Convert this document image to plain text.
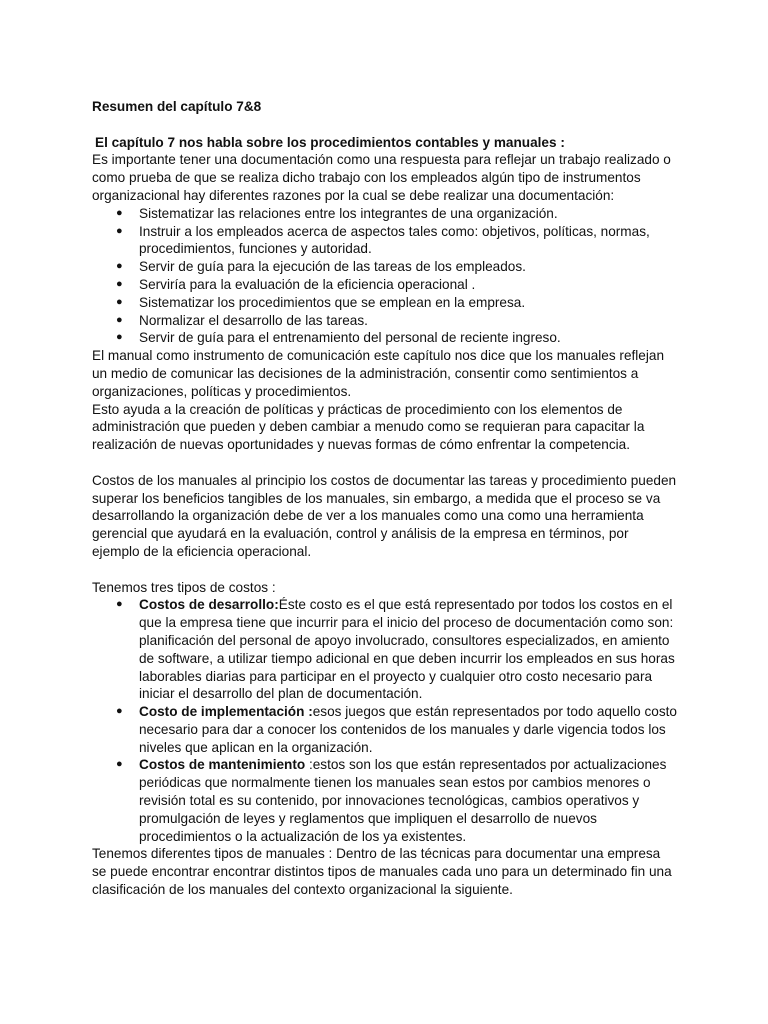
Resumen del capítulo 7&8

El capítulo 7 nos habla sobre los procedimientos contables y manuales :

Es importante tener una documentación como una respuesta para reflejar un trabajo realizado o como prueba de que se realiza dicho trabajo con los empleados algún tipo de instrumentos organizacional hay diferentes razones por la cual se debe realizar una documentación:

● Sistematizar las relaciones entre los integrantes de una organización.
● Instruir a los empleados acerca de aspectos tales como: objetivos, políticas, normas, procedimientos, funciones y autoridad.
● Servir de guía para la ejecución de las tareas de los empleados.
● Serviría para la evaluación de la eficiencia operacional .
● Sistematizar los procedimientos que se emplean en la empresa.
● Normalizar el desarrollo de las tareas.
● Servir de guía para el entrenamiento del personal de reciente ingreso.

El manual como instrumento de comunicación este capítulo nos dice que los manuales reflejan un medio de comunicar las decisiones de la administración, consentir como sentimientos a organizaciones, políticas y procedimientos.

Esto ayuda a la creación de políticas y prácticas de procedimiento con los elementos de administración que pueden y deben cambiar a menudo como se requieran para capacitar la realización de nuevas oportunidades y nuevas formas de cómo enfrentar la competencia.

Costos de los manuales al principio los costos de documentar las tareas y procedimiento pueden superar los beneficios tangibles de los manuales, sin embargo, a medida que el proceso se va desarrollando la organización debe de ver a los manuales como una como una herramienta gerencial que ayudará en la evaluación, control y análisis de la empresa en términos, por ejemplo de la eficiencia operacional.

Tenemos tres tipos de costos :

● Costos de desarrollo:Éste costo es el que está representado por todos los costos en el que la empresa tiene que incurrir para el inicio del proceso de documentación como son: planificación del personal de apoyo involucrado, consultores especializados, en amiento de software, a utilizar tiempo adicional en que deben incurrir los empleados en sus horas laborables diarias para participar en el proyecto y cualquier otro costo necesario para iniciar el desarrollo del plan de documentación.
● Costo de implementación :esos juegos que están representados por todo aquello costo necesario para dar a conocer los contenidos de los manuales y darle vigencia todos los niveles que aplican en la organización.
● Costos de mantenimiento :estos son los que están representados por actualizaciones periódicas que normalmente tienen los manuales sean estos por cambios menores o revisión total es su contenido, por innovaciones tecnológicas, cambios operativos y promulgación de leyes y reglamentos que impliquen el desarrollo de nuevos procedimientos o la actualización de los ya existentes.

Tenemos diferentes tipos de manuales : Dentro de las técnicas para documentar una empresa se puede encontrar encontrar distintos tipos de manuales cada uno para un determinado fin una clasificación de los manuales del contexto organizacional la siguiente.
